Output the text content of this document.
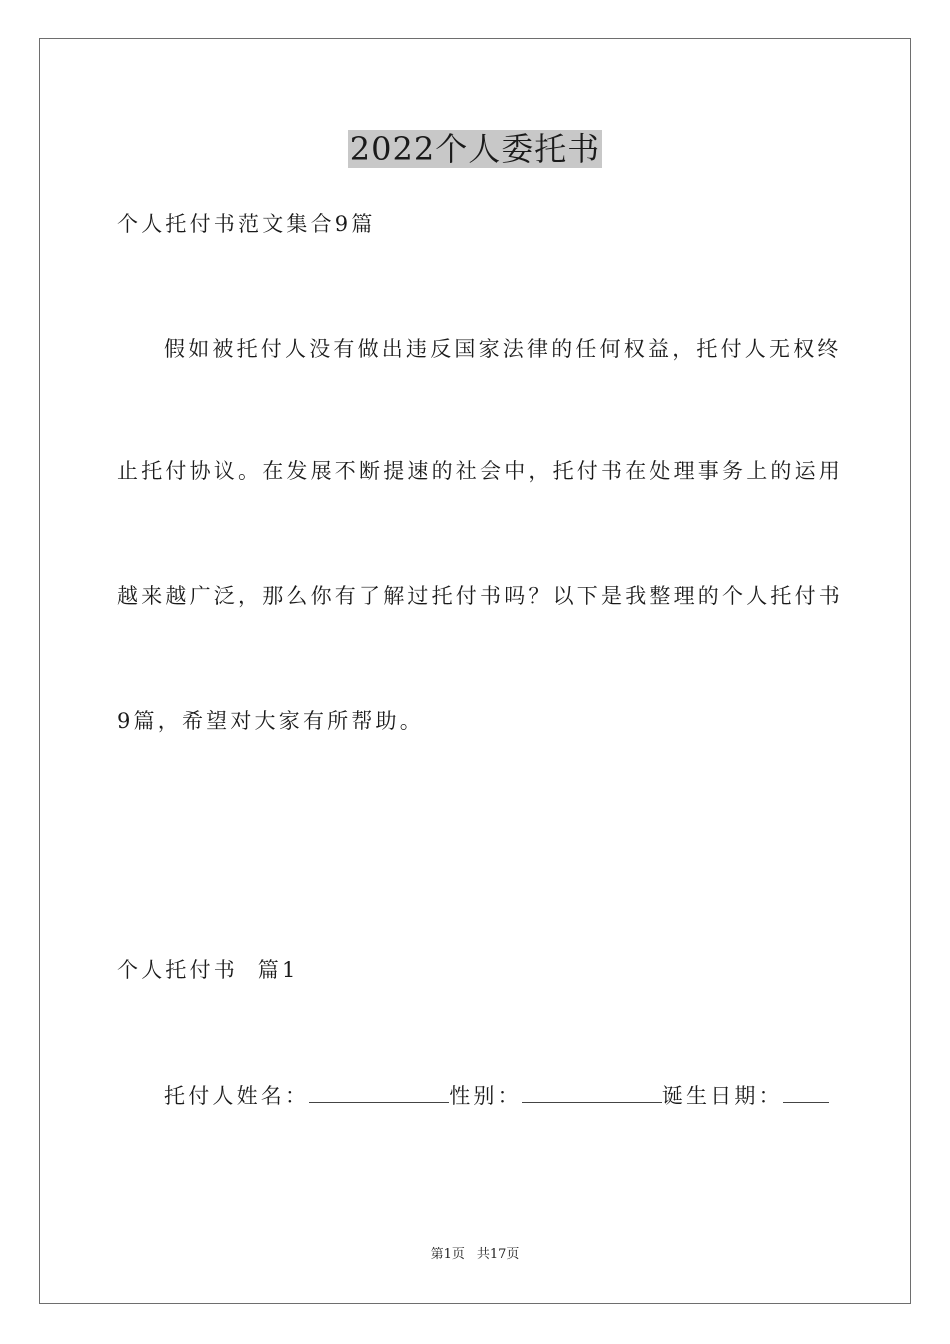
2022个人委托书

个人托付书范文集合9篇

假如被托付人没有做出违反国家法律的任何权益，托付人无权终

止托付协议。在发展不断提速的社会中，托付书在处理事务上的运用

越来越广泛，那么你有了解过托付书吗？以下是我整理的个人托付书

9篇，希望对大家有所帮助。

个人托付书  篇1

托付人姓名：	性别：	诞生日期：

第1页 共17页
